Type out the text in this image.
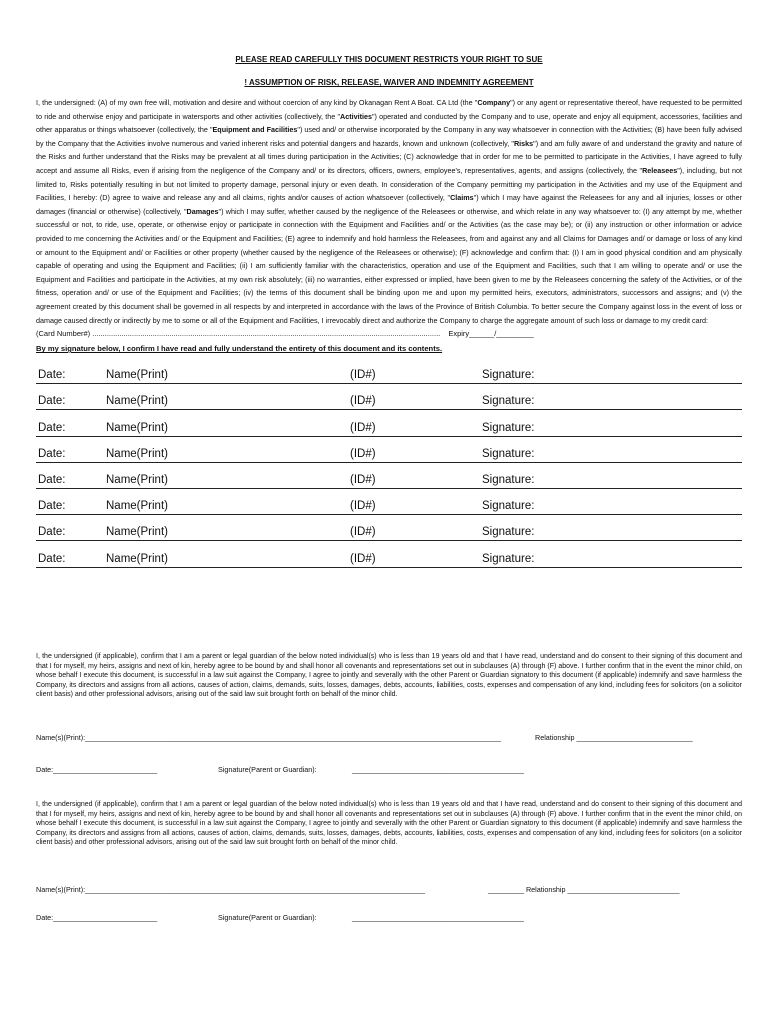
PLEASE READ CAREFULLY THIS DOCUMENT RESTRICTS YOUR RIGHT TO SUE

! ASSUMPTION OF RISK, RELEASE, WAIVER AND INDEMNITY AGREEMENT

I, the undersigned: (A) of my own free will, motivation and desire and without coercion of any kind by Okanagan Rent A Boat. CA Ltd (the "Company") or any agent or representative thereof, have requested to be permitted to ride and otherwise enjoy and participate in watersports and other activities (collectively, the "Activities") operated and conducted by the Company and to use, operate and enjoy all equipment, accessories, facilities and other apparatus or things whatsoever (collectively, the "Equipment and Facilities") used and/ or otherwise incorporated by the Company in any way whatsoever in connection with the Activities; (B) have been fully advised by the Company that the Activities involve numerous and varied inherent risks and potential dangers and hazards, known and unknown (collectively, "Risks") and am fully aware of and understand the gravity and nature of the Risks and further understand that the Risks may be prevalent at all times during participation in the Activities; (C) acknowledge that in order for me to be permitted to participate in the Activities, I have agreed to fully accept and assume all Risks, even if arising from the negligence of the Company and/ or its directors, officers, owners, employee's, representatives, agents, and assigns (collectively, the "Releasees"), including, but not limited to, Risks potentially resulting in but not limited to property damage, personal injury or even death. In consideration of the Company permitting my participation in the Activities and my use of the Equipment and Facilities, I hereby: (D) agree to waive and release any and all claims, rights and/or causes of action whatsoever (collectively, "Claims") which I may have against the Releasees for any and all injuries, losses or other damages (financial or otherwise) (collectively, "Damages") which I may suffer, whether caused by the negligence of the Releasees or otherwise, and which relate in any way whatsoever to: (I) any attempt by me, whether successful or not, to ride, use, operate, or otherwise enjoy or participate in connection with the Equipment and Facilities and/ or the Activities (as the case may be); or (ii) any instruction or other information or advice provided to me concerning the Activities and/ or the Equipment and Facilities; (E) agree to indemnify and hold harmless the Releasees, from and against any and all Claims for Damages and/ or damage or loss of any kind or amount to the Equipment and/ or Facilities or other property (whether caused by the negligence of the Releasees or otherwise); (F) acknowledge and confirm that: (I) I am in good physical condition and am physically capable of operating and using the Equipment and Facilities; (ii) I am sufficiently familiar with the characteristics, operation and use of the Equipment and Facilities, such that I am willing to operate and/ or use the Equipment and Facilities and participate in the Activities, at my own risk absolutely; (iii) no warranties, either expressed or implied, have been given to me by the Releasees concerning the safety of the Activities, or of the fitness, operation and/ or use of the Equipment and Facilities; (iv) the terms of this document shall be binding upon me and upon my permitted heirs, executors, administrators, successors and assigns; and (v) the agreement created by this document shall be governed in all respects by and interpreted in accordance with the laws of the Province of British Columbia. To better secure the Company against loss in the event of loss or damage caused directly or indirectly by me to some or all of the Equipment and Facilities, I irrevocably direct and authorize the Company to charge the aggregate amount of such loss or damage to my credit card:
(Card Number#) ....................................................................................................................................................................... Expiry______/_________
By my signature below, I confirm I have read and fully understand the entirety of this document and its contents.
Date:	Name(Print)	(ID#)	Signature:
Date:	Name(Print)	(ID#)	Signature:
Date:	Name(Print)	(ID#)	Signature:
Date:	Name(Print)	(ID#)	Signature:
Date:	Name(Print)	(ID#)	Signature:
Date:	Name(Print)	(ID#)	Signature:
Date:	Name(Print)	(ID#)	Signature:
Date:	Name(Print)	(ID#)	Signature:
I, the undersigned (if applicable), confirm that I am a parent or legal guardian of the below noted individual(s) who is less than 19 years old and that I have read, understand and do consent to their signing of this document and that I for myself, my heirs, assigns and next of kin, hereby agree to be bound by and shall honor all covenants and representations set out in subclauses (A) through (F) above. I further confirm that in the event the minor child, on whose behalf I execute this document, is successful in a law suit against the Company, I agree to jointly and severally with the other Parent or Guardian signatory to this document (if applicable) indemnify and save harmless the Company, its directors and assigns from all actions, causes of action, claims, demands, suits, losses, damages, debts, accounts, liabilities, costs, expenses and compensation of any kind, including fees for solicitors (on a solicitor client basis) and other professional advisors, arising out of the said law suit brought forth on behalf of the minor child.
Name(s)(Print):________________________________________________________________________________________________________	Relationship _____________________________
Date:__________________________	Signature(Parent or Guardian):	___________________________________________
I, the undersigned (if applicable), confirm that I am a parent or legal guardian of the below noted individual(s) who is less than 19 years old and that I have read, understand and do consent to their signing of this document and that I for myself, my heirs, assigns and next of kin, hereby agree to be bound by and shall honor all covenants and representations set out in subclauses (A) through (F) above. I further confirm that in the event the minor child, on whose behalf I execute this document, is successful in a law suit against the Company, I agree to jointly and severally with the other Parent or Guardian signatory to this document (if applicable) indemnify and save harmless the Company, its directors and assigns from all actions, causes of action, claims, demands, suits, losses, damages, debts, accounts, liabilities, costs, expenses and compensation of any kind, including fees for solicitors (on a solicitor client basis) and other professional advisors, arising out of the said law suit brought forth on behalf of the minor child.
Name(s)(Print):_____________________________________________________________________________________	_________ Relationship ____________________________
Date:__________________________	Signature(Parent or Guardian):	___________________________________________
